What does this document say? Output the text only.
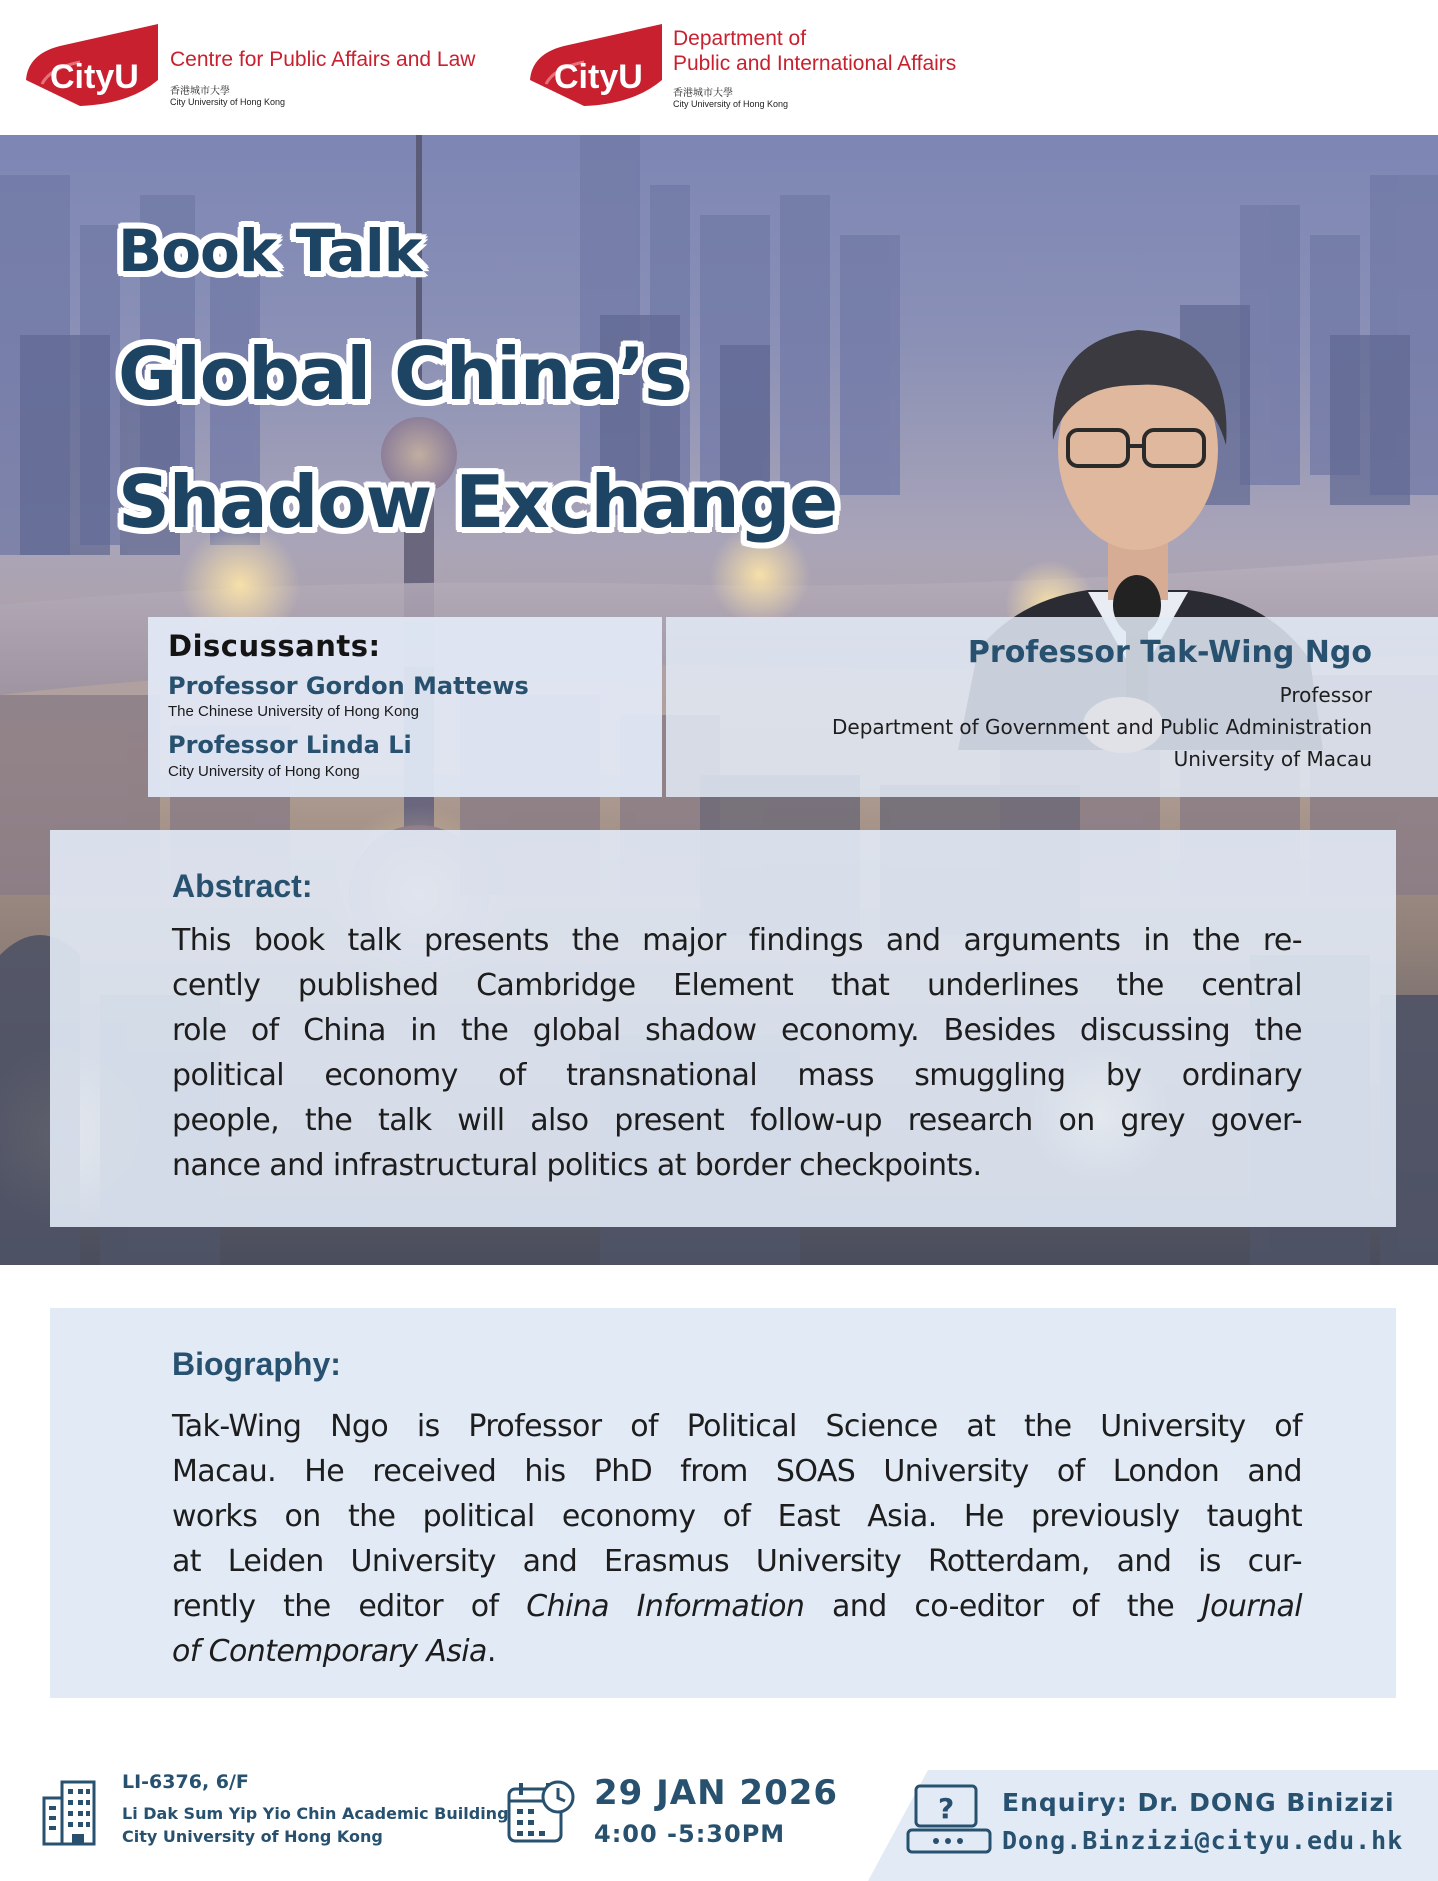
CityU Centre for Public Affairs and Law
香港城市大學
City University of Hong Kong
CityU
Department of
Public and International Affairs
香港城市大學
City University of Hong Kong
Book Talk
Global China’s
Shadow Exchange
Discussants:
Professor Gordon Mattews
The Chinese University of Hong Kong
Professor Linda Li
City University of Hong Kong
Professor Tak-Wing Ngo
Professor
Department of Government and Public Administration
University of Macau
Abstract:
This book talk presents the major findings and arguments in the re-
cently published Cambridge Element that underlines the central
role of China in the global shadow economy. Besides discussing the
political economy of transnational mass smuggling by ordinary
people, the talk will also present follow-up research on grey gover-
nance and infrastructural politics at border checkpoints.
Biography:
Tak-Wing Ngo is Professor of Political Science at the University of
Macau. He received his PhD from SOAS University of London and
works on the political economy of East Asia. He previously taught
at Leiden University and Erasmus University Rotterdam, and is cur-
rently the editor of China Information and co-editor of the Journal
of Contemporary Asia.
LI-6376, 6/F
Li Dak Sum Yip Yio Chin Academic Building
City University of Hong Kong
29 JAN 2026
4:00 -5:30PM
? Enquiry: Dr. DONG Binizizi
Dong.Binzizi@cityu.edu.hk
